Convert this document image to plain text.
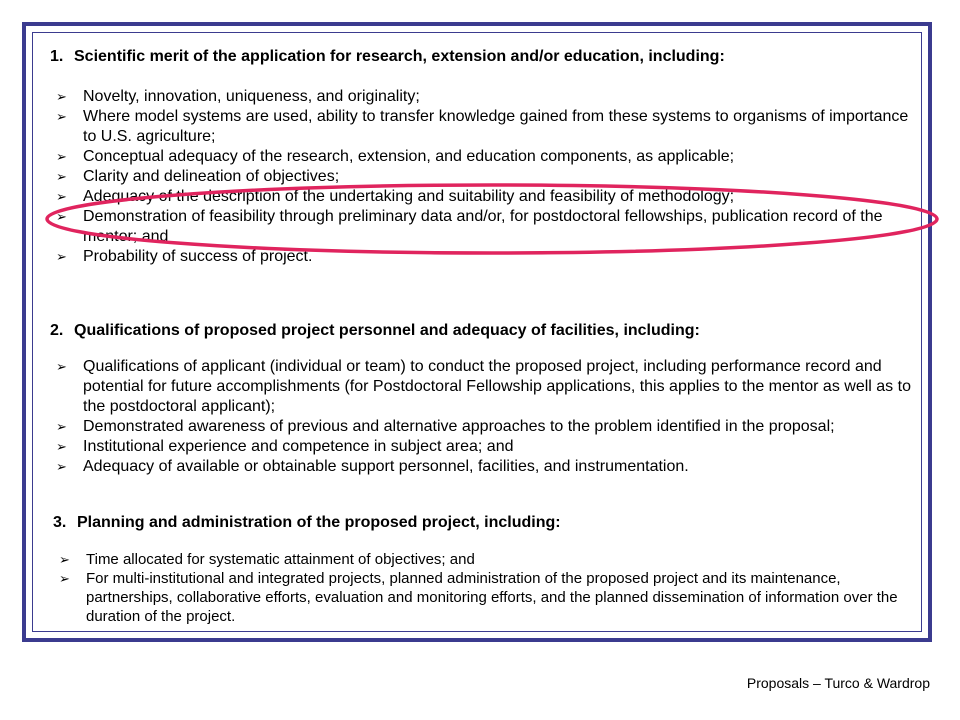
1. Scientific merit of the application for research, extension and/or education, including:
➢ Novelty, innovation, uniqueness, and originality;
➢ Where model systems are used, ability to transfer knowledge gained from these systems to organisms of importance to U.S. agriculture;
➢ Conceptual adequacy of the research, extension, and education components, as applicable;
➢ Clarity and delineation of objectives;
➢ Adequacy of the description of the undertaking and suitability and feasibility of methodology;
➢ Demonstration of feasibility through preliminary data and/or, for postdoctoral fellowships, publication record of the mentor; and
➢ Probability of success of project.
2. Qualifications of proposed project personnel and adequacy of facilities, including:
➢ Qualifications of applicant (individual or team) to conduct the proposed project, including performance record and potential for future accomplishments (for Postdoctoral Fellowship applications, this applies to the mentor as well as to the postdoctoral applicant);
➢ Demonstrated awareness of previous and alternative approaches to the problem identified in the proposal;
➢ Institutional experience and competence in subject area; and
➢ Adequacy of available or obtainable support personnel, facilities, and instrumentation.
3. Planning and administration of the proposed project, including:
➢ Time allocated for systematic attainment of objectives; and
➢ For multi-institutional and integrated projects, planned administration of the proposed project and its maintenance, partnerships, collaborative efforts, evaluation and monitoring efforts, and the planned dissemination of information over the duration of the project.
Proposals – Turco & Wardrop
